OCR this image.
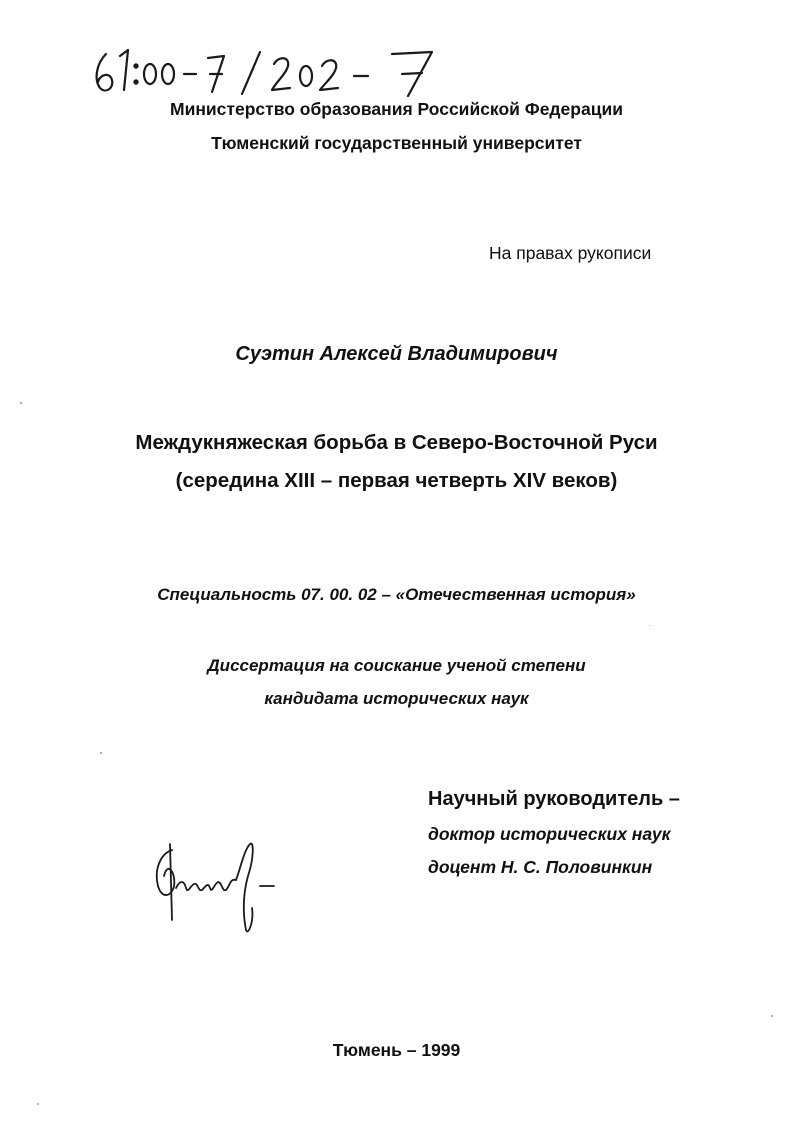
Министерство образования Российской Федерации
Тюменский государственный университет
На правах рукописи
Суэтин Алексей Владимирович
Междукняжеская борьба в Северо-Восточной Руси
(середина XIII – первая четверть XIV веков)
Специальность 07. 00. 02 – «Отечественная история»
Диссертация на соискание ученой степени
кандидата исторических наук
Научный руководитель –
доктор исторических наук
доцент Н. С. Половинкин
Тюмень – 1999
